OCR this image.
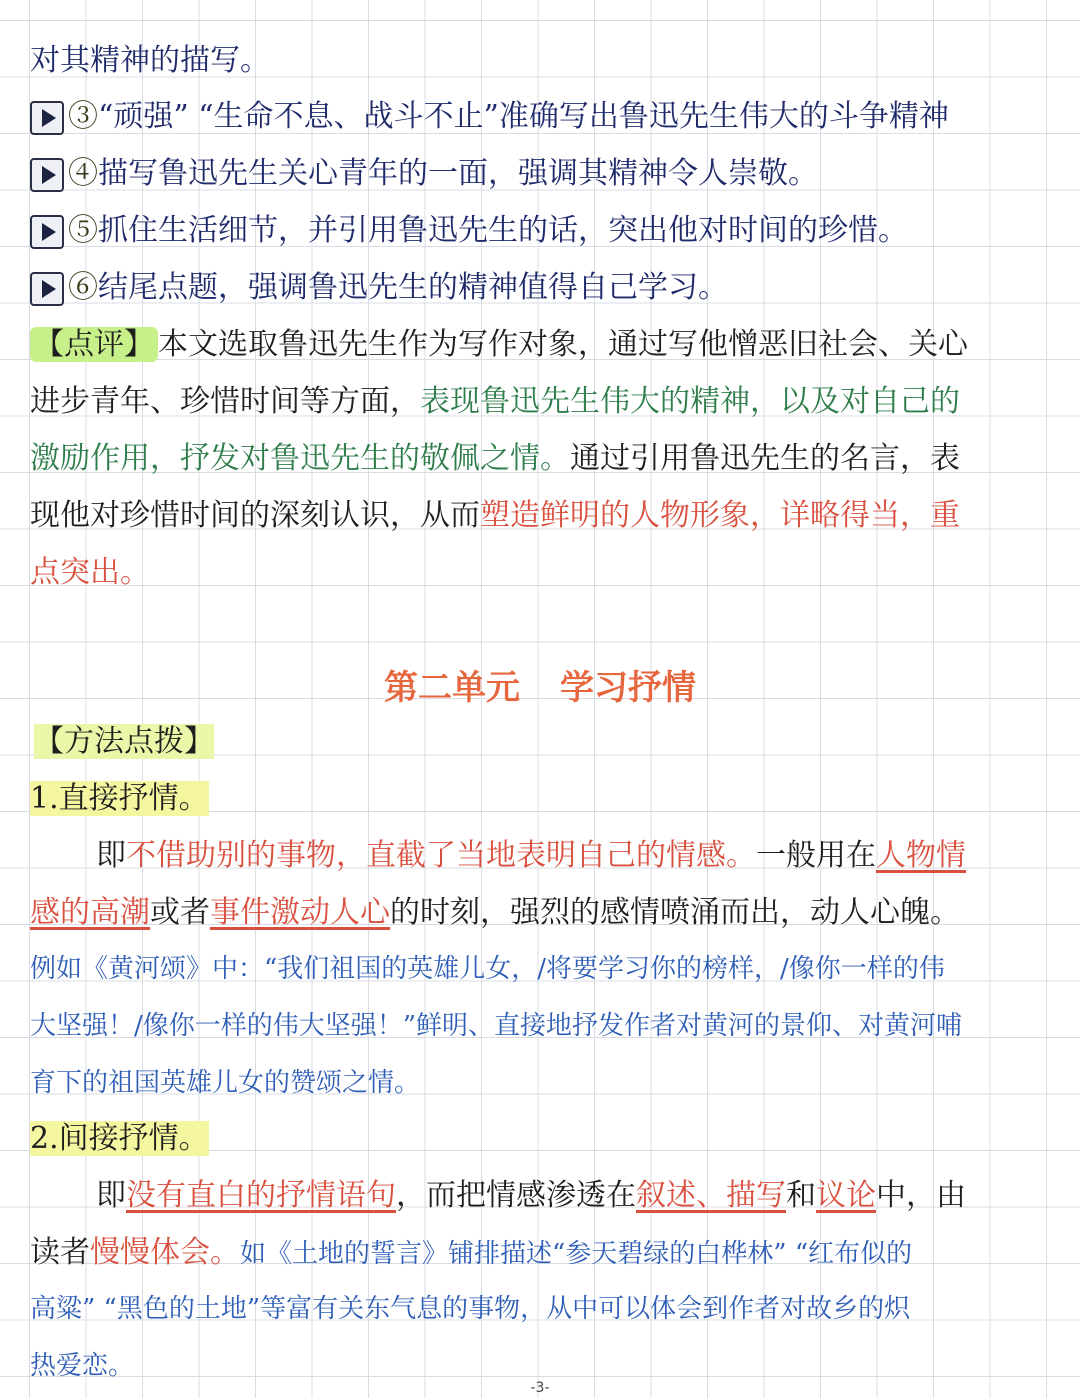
对其精神的描写。
③“顽强” “生命不息、战斗不止”准确写出鲁迅先生伟大的斗争精神
④描写鲁迅先生关心青年的一面，强调其精神令人崇敬。
⑤抓住生活细节，并引用鲁迅先生的话，突出他对时间的珍惜。
⑥结尾点题，强调鲁迅先生的精神值得自己学习。
【点评】 本文选取鲁迅先生作为写作对象，通过写他憎恶旧社会、关心
进步青年、珍惜时间等方面，表现鲁迅先生伟大的精神，以及对自己的
激励作用，抒发对鲁迅先生的敬佩之情。通过引用鲁迅先生的名言，表
现他对珍惜时间的深刻认识，从而塑造鲜明的人物形象，详略得当，重
点突出。
第二单元 学习抒情
【方法点拨】
1.直接抒情。
即不借助别的事物，直截了当地表明自己的情感。一般用在人物情
感的高潮或者事件激动人心的时刻，强烈的感情喷涌而出，动人心魄。
例如《黄河颂》中：“我们祖国的英雄儿女，/将要学习你的榜样，/像你一样的伟
大坚强！/像你一样的伟大坚强！”鲜明、直接地抒发作者对黄河的景仰、对黄河哺
育下的祖国英雄儿女的赞颂之情。
2.间接抒情。
即没有直白的抒情语句，而把情感渗透在叙述、描写和议论中，由
读者慢慢体会。如《土地的誓言》铺排描述“参天碧绿的白桦林” “红布似的
高粱” “黑色的土地”等富有关东气息的事物，从中可以体会到作者对故乡的炽
热爱恋。
-3-
